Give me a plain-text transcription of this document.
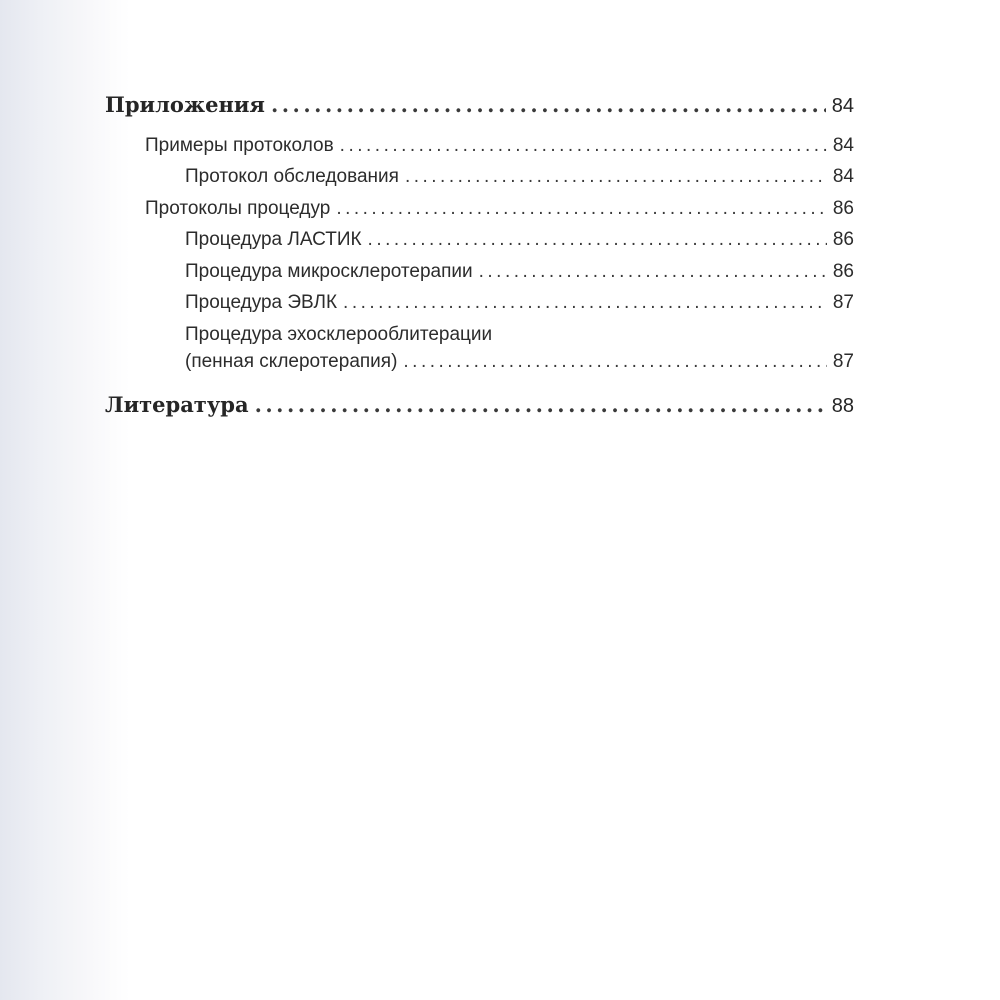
Приложения .....	84
Примеры протоколов .....	84
Протокол обследования .....	84
Протоколы процедур .....	86
Процедура ЛАСТИК .....	86
Процедура микросклеротерапии .....	86
Процедура ЭВЛК .....	87
Процедура эхосклерооблитерации
(пенная склеротерапия) .....	87
Литература .....	88
